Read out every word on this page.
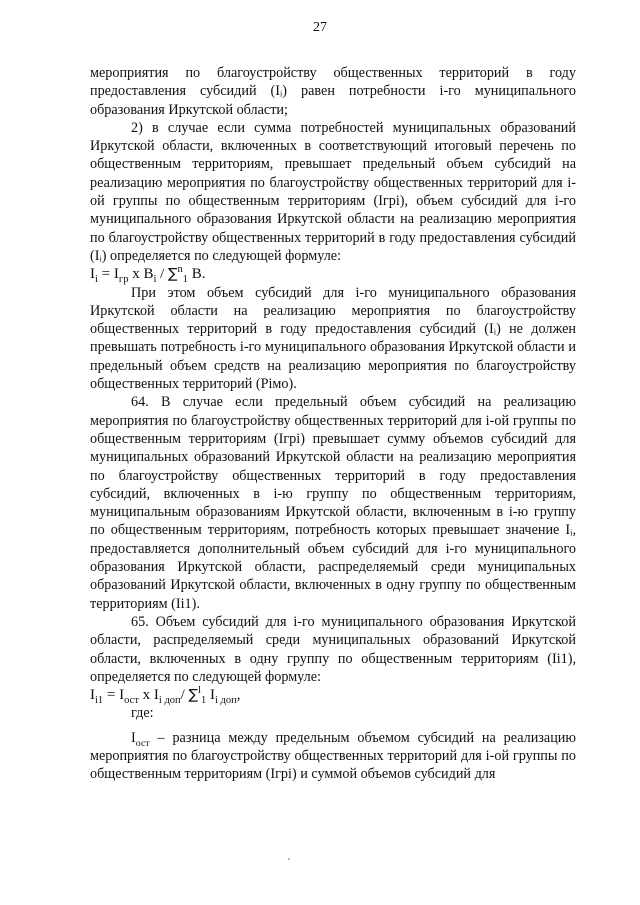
27

мероприятия по благоустройству общественных территорий в году предоставления субсидий (Iᵢ) равен потребности i-го муниципального образования Иркутской области;

2) в случае если сумма потребностей муниципальных образований Иркутской области, включенных в соответствующий итоговый перечень по общественным территориям, превышает предельный объем субсидий на реализацию мероприятия по благоустройству общественных территорий для i-ой группы по общественным территориям (Iгрi), объем субсидий для i-го муниципального образования Иркутской области на реализацию мероприятия по благоустройству общественных территорий в году предоставления субсидий (Iᵢ) определяется по следующей формуле:

$I_i = I_{гр}$ x $B_i / \sum^n_1$ B.

При этом объем субсидий для i-го муниципального образования Иркутской области на реализацию мероприятия по благоустройству общественных территорий в году предоставления субсидий (Iᵢ) не должен превышать потребность i-го муниципального образования Иркутской области и предельный объем средств на реализацию мероприятия по благоустройству общественных территорий (Piмо).

64. В случае если предельный объем субсидий на реализацию мероприятия по благоустройству общественных территорий для i-ой группы по общественным территориям (Iгрi) превышает сумму объемов субсидий для муниципальных образований Иркутской области на реализацию мероприятия по благоустройству общественных территорий в году предоставления субсидий, включенных в i-ю группу по общественным территориям, муниципальным образованиям Иркутской области, включенным в i-ю группу по общественным территориям, потребность которых превышает значение Iᵢ, предоставляется дополнительный объем субсидий для i-го муниципального образования Иркутской области, распределяемый среди муниципальных образований Иркутской области, включенных в одну группу по общественным территориям (Ii1).

65. Объем субсидий для i-го муниципального образования Иркутской области, распределяемый среди муниципальных образований Иркутской области, включенных в одну группу по общественным территориям (Ii1), определяется по следующей формуле:

$I_{i1} = I_{ост}$ x $I_{i доп}/$ ∑$^l_1$ $I_{i доп}$,

где:

$I_{ост}$ – разница между предельным объемом субсидий на реализацию мероприятия по благоустройству общественных территорий для i-ой группы по общественным территориям (Iгрi) и суммой объемов субсидий для
